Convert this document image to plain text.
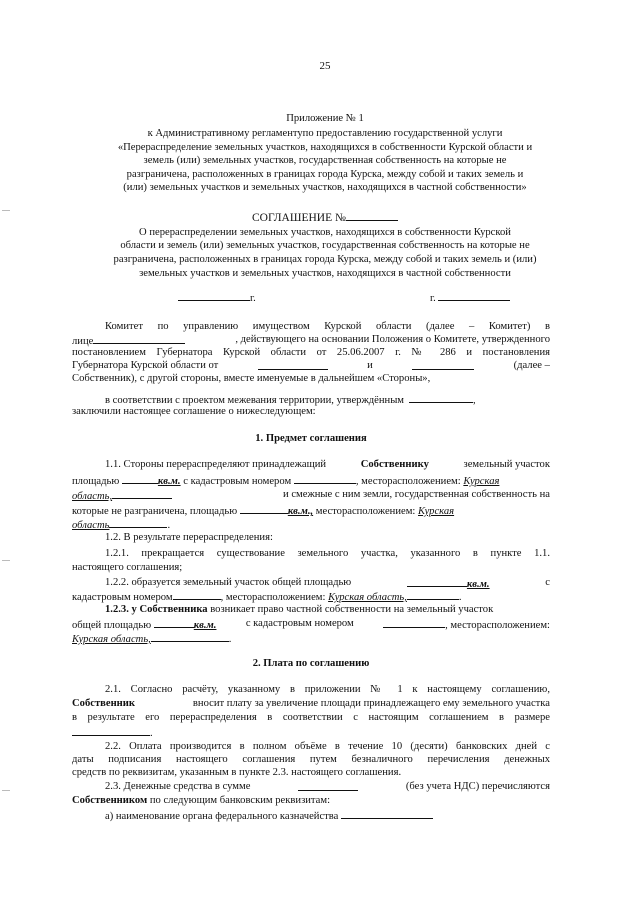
25
Приложение № 1
к Административному регламентупо предоставлению государственной услуги
«Перераспределение земельных участков, находящихся в собственности Курской области и
земель (или) земельных участков, государственная собственность на которые не
разграничена, расположенных в границах города Курска, между собой и таких земель и
(или) земельных участков и земельных участков, находящихся в частной собственности»
СОГЛАШЕНИЕ №
О перераспределении земельных участков, находящихся в собственности Курской
области и земель (или) земельных участков, государственная собственность на которые не
разграничена, расположенных в границах города Курска, между собой и таких земель и (или)
земельных участков и земельных участков, находящихся в частной собственности
г.	г.
Комитет по управлению имуществом Курской области (далее – Комитет) в
лице	, действующего на основании Положения о Комитете, утвержденного
постановлением Губернатора Курской области от 25.06.2007 г. № 286 и постановления
Губернатора Курской области от	и	(далее –
Собственник), с другой стороны, вместе именуемые в дальнейшем «Стороны»,
в соответствии с проектом межевания территории, утверждённым	,
заключили настоящее соглашение о нижеследующем:
1. Предмет соглашения
1.1. Стороны перераспределяют принадлежащий	Собственнику	земельный участок
площадью	кв.м. с кадастровым номером	, месторасположением: Курская
область,	и смежные с ним земли, государственная собственность на
которые не разграничена, площадью	кв.м., месторасположением: Курская
область	.
1.2. В результате перераспределения:
1.2.1. прекращается существование земельного участка, указанного в пункте 1.1.
настоящего соглашения;
1.2.2. образуется земельный участок общей площадью	кв.м.	с
кадастровым номером	, месторасположением: Курская область,	.
1.2.3. у Собственника возникает право частной собственности на земельный участок
общей площадью	кв.м.	с кадастровым номером	, месторасположением:
Курская область,	.
2. Плата по соглашению
2.1. Согласно расчёту, указанному в приложении № 1 к настоящему соглашению,
Собственник	вносит плату за увеличение площади принадлежащего ему земельного участка
в результате его перераспределения в соответствии с настоящим соглашением в размере
.
2.2. Оплата производится в полном объёме в течение 10 (десяти) банковских дней с
даты подписания настоящего соглашения путем безналичного перечисления денежных
средств по реквизитам, указанным в пункте 2.3. настоящего соглашения.
2.3. Денежные средства в сумме	(без учета НДС) перечисляются
Собственником по следующим банковским реквизитам:
а) наименование органа федерального казначейства
